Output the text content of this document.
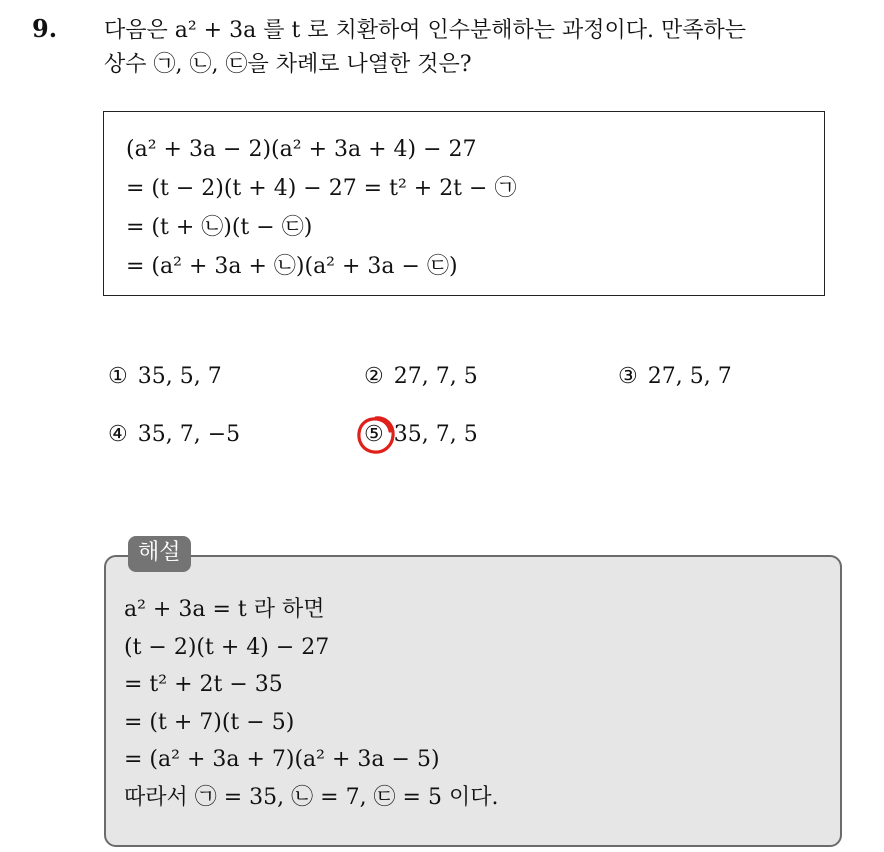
9. 다음은 a² + 3a 를 t 로 치환하여 인수분해하는 과정이다. 만족하는
상수 ㉠, ㉡, ㉢을 차례로 나열한 것은?
(a² + 3a − 2)(a² + 3a + 4) − 27
= (t − 2)(t + 4) − 27 = t² + 2t − ㉠
= (t + ㉡)(t − ㉢)
= (a² + 3a + ㉡)(a² + 3a − ㉢)
① 35, 5, 7	② 27, 7, 5	③ 27, 5, 7
④ 35, 7, −5	⑤ 35, 7, 5
a² + 3a = t 라 하면
(t − 2)(t + 4) − 27
= t² + 2t − 35
= (t + 7)(t − 5)
= (a² + 3a + 7)(a² + 3a − 5)
따라서 ㉠ = 35, ㉡ = 7, ㉢ = 5 이다.
해설
